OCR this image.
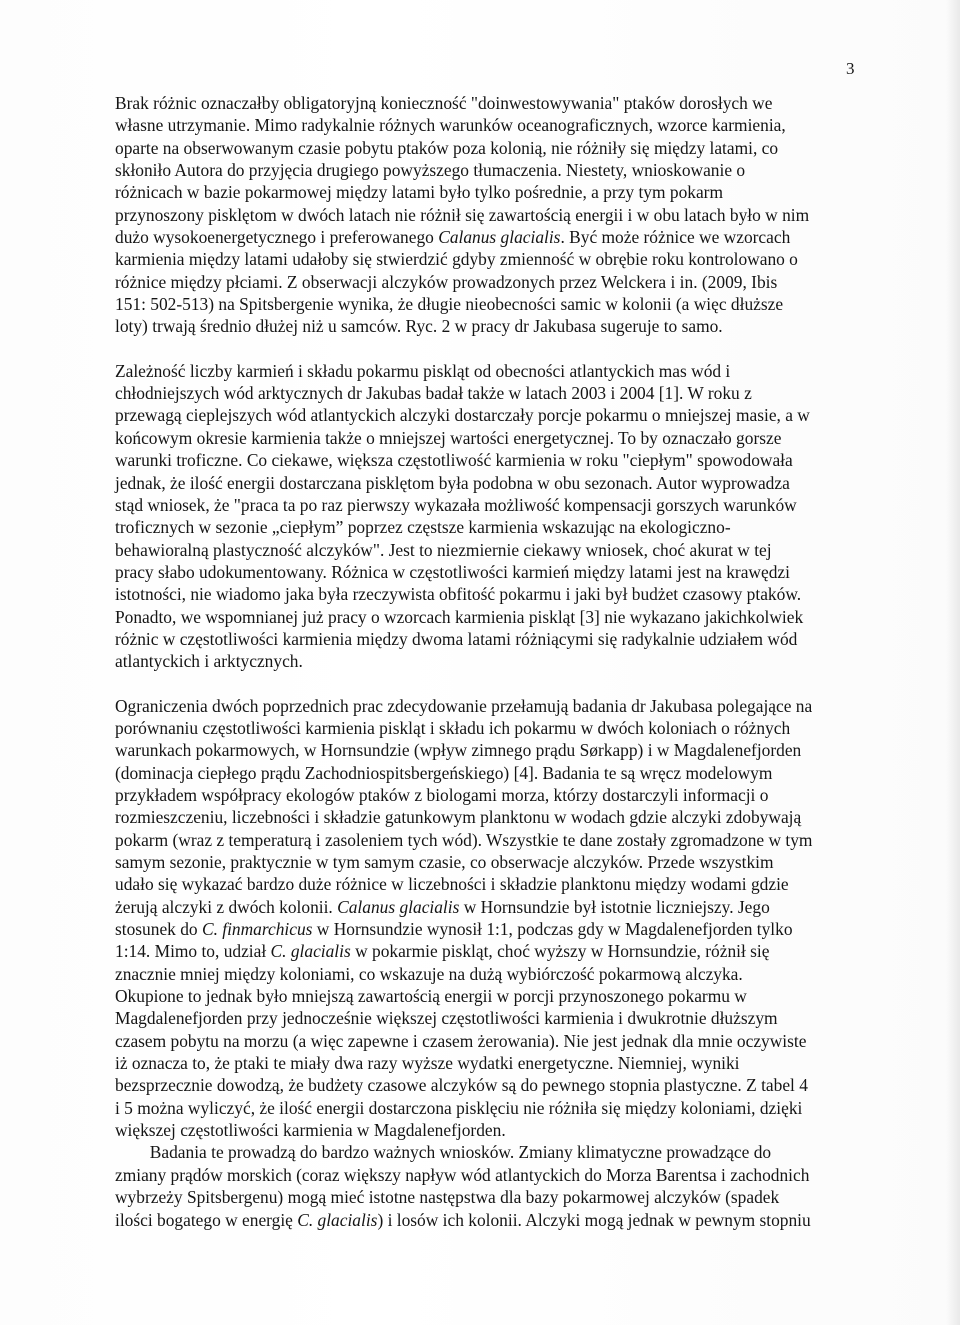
3

Brak różnic oznaczałby obligatoryjną konieczność "doinwestowywania" ptaków dorosłych we
własne utrzymanie. Mimo radykalnie różnych warunków oceanograficznych, wzorce karmienia,
oparte na obserwowanym czasie pobytu ptaków poza kolonią, nie różniły się między latami, co
skłoniło Autora do przyjęcia drugiego powyższego tłumaczenia. Niestety, wnioskowanie o
różnicach w bazie pokarmowej między latami było tylko pośrednie, a przy tym pokarm
przynoszony pisklętom w dwóch latach nie różnił się zawartością energii i w obu latach było w nim
dużo wysokoenergetycznego i preferowanego Calanus glacialis. Być może różnice we wzorcach
karmienia między latami udałoby się stwierdzić gdyby zmienność w obrębie roku kontrolowano o
różnice między płciami. Z obserwacji alczyków prowadzonych przez Welckera i in. (2009, Ibis
151: 502-513) na Spitsbergenie wynika, że długie nieobecności samic w kolonii (a więc dłuższe
loty) trwają średnio dłużej niż u samców. Ryc. 2 w pracy dr Jakubasa sugeruje to samo.

Zależność liczby karmień i składu pokarmu piskląt od obecności atlantyckich mas wód i
chłodniejszych wód arktycznych dr Jakubas badał także w latach 2003 i 2004 [1]. W roku z
przewagą cieplejszych wód atlantyckich alczyki dostarczały porcje pokarmu o mniejszej masie, a w
końcowym okresie karmienia także o mniejszej wartości energetycznej. To by oznaczało gorsze
warunki troficzne. Co ciekawe, większa częstotliwość karmienia w roku "ciepłym" spowodowała
jednak, że ilość energii dostarczana pisklętom była podobna w obu sezonach. Autor wyprowadza
stąd wniosek, że "praca ta po raz pierwszy wykazała możliwość kompensacji gorszych warunków
troficznych w sezonie „ciepłym” poprzez częstsze karmienia wskazując na ekologiczno-
behawioralną plastyczność alczyków". Jest to niezmiernie ciekawy wniosek, choć akurat w tej
pracy słabo udokumentowany. Różnica w częstotliwości karmień między latami jest na krawędzi
istotności, nie wiadomo jaka była rzeczywista obfitość pokarmu i jaki był budżet czasowy ptaków.
Ponadto, we wspomnianej już pracy o wzorcach karmienia piskląt [3] nie wykazano jakichkolwiek
różnic w częstotliwości karmienia między dwoma latami różniącymi się radykalnie udziałem wód
atlantyckich i arktycznych.

Ograniczenia dwóch poprzednich prac zdecydowanie przełamują badania dr Jakubasa polegające na
porównaniu częstotliwości karmienia piskląt i składu ich pokarmu w dwóch koloniach o różnych
warunkach pokarmowych, w Hornsundzie (wpływ zimnego prądu Sørkapp) i w Magdalenefjorden
(dominacja ciepłego prądu Zachodniospitsbergeńskiego) [4]. Badania te są wręcz modelowym
przykładem współpracy ekologów ptaków z biologami morza, którzy dostarczyli informacji o
rozmieszczeniu, liczebności i składzie gatunkowym planktonu w wodach gdzie alczyki zdobywają
pokarm (wraz z temperaturą i zasoleniem tych wód). Wszystkie te dane zostały zgromadzone w tym
samym sezonie, praktycznie w tym samym czasie, co obserwacje alczyków. Przede wszystkim
udało się wykazać bardzo duże różnice w liczebności i składzie planktonu między wodami gdzie
żerują alczyki z dwóch kolonii. Calanus glacialis w Hornsundzie był istotnie liczniejszy. Jego
stosunek do C. finmarchicus w Hornsundzie wynosił 1:1, podczas gdy w Magdalenefjorden tylko
1:14. Mimo to, udział C. glacialis w pokarmie piskląt, choć wyższy w Hornsundzie, różnił się
znacznie mniej między koloniami, co wskazuje na dużą wybiórczość pokarmową alczyka.
Okupione to jednak było mniejszą zawartością energii w porcji przynoszonego pokarmu w
Magdalenefjorden przy jednocześnie większej częstotliwości karmienia i dwukrotnie dłuższym
czasem pobytu na morzu (a więc zapewne i czasem żerowania). Nie jest jednak dla mnie oczywiste
iż oznacza to, że ptaki te miały dwa razy wyższe wydatki energetyczne. Niemniej, wyniki
bezsprzecznie dowodzą, że budżety czasowe alczyków są do pewnego stopnia plastyczne. Z tabel 4
i 5 można wyliczyć, że ilość energii dostarczona pisklęciu nie różniła się między koloniami, dzięki
większej częstotliwości karmienia w Magdalenefjorden.
Badania te prowadzą do bardzo ważnych wniosków. Zmiany klimatyczne prowadzące do
zmiany prądów morskich (coraz większy napływ wód atlantyckich do Morza Barentsa i zachodnich
wybrzeży Spitsbergenu) mogą mieć istotne następstwa dla bazy pokarmowej alczyków (spadek
ilości bogatego w energię C. glacialis) i losów ich kolonii. Alczyki mogą jednak w pewnym stopniu
